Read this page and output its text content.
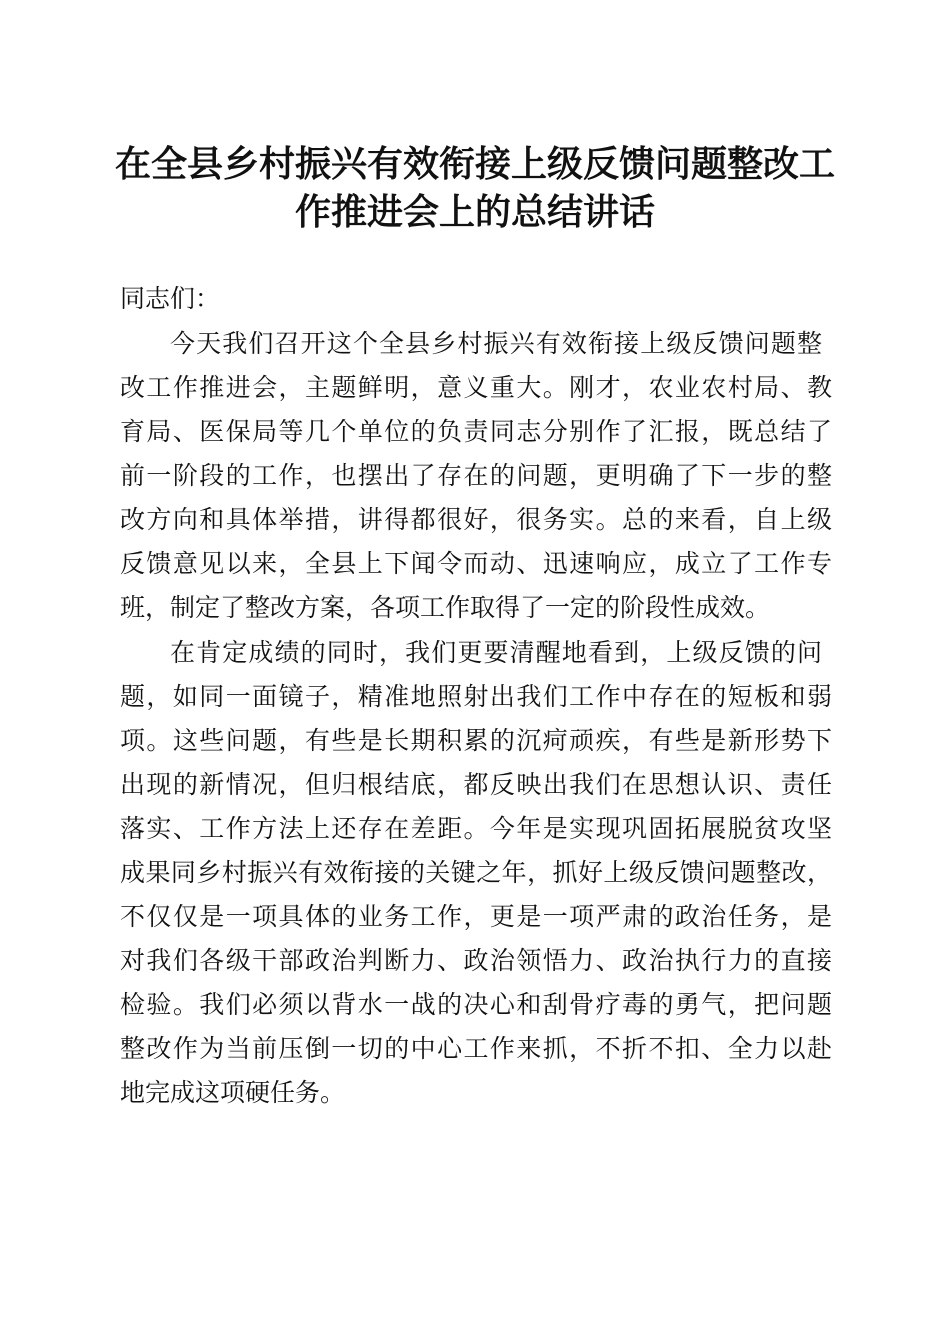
在全县乡村振兴有效衔接上级反馈问题整改工
作推进会上的总结讲话
同志们：
今天我们召开这个全县乡村振兴有效衔接上级反馈问题整
改工作推进会，主题鲜明，意义重大。刚才，农业农村局、教
育局、医保局等几个单位的负责同志分别作了汇报，既总结了
前一阶段的工作，也摆出了存在的问题，更明确了下一步的整
改方向和具体举措，讲得都很好，很务实。总的来看，自上级
反馈意见以来，全县上下闻令而动、迅速响应，成立了工作专
班，制定了整改方案，各项工作取得了一定的阶段性成效。
在肯定成绩的同时，我们更要清醒地看到，上级反馈的问
题，如同一面镜子，精准地照射出我们工作中存在的短板和弱
项。这些问题，有些是长期积累的沉疴顽疾，有些是新形势下
出现的新情况，但归根结底，都反映出我们在思想认识、责任
落实、工作方法上还存在差距。今年是实现巩固拓展脱贫攻坚
成果同乡村振兴有效衔接的关键之年，抓好上级反馈问题整改，
不仅仅是一项具体的业务工作，更是一项严肃的政治任务，是
对我们各级干部政治判断力、政治领悟力、政治执行力的直接
检验。我们必须以背水一战的决心和刮骨疗毒的勇气，把问题
整改作为当前压倒一切的中心工作来抓，不折不扣、全力以赴
地完成这项硬任务。
